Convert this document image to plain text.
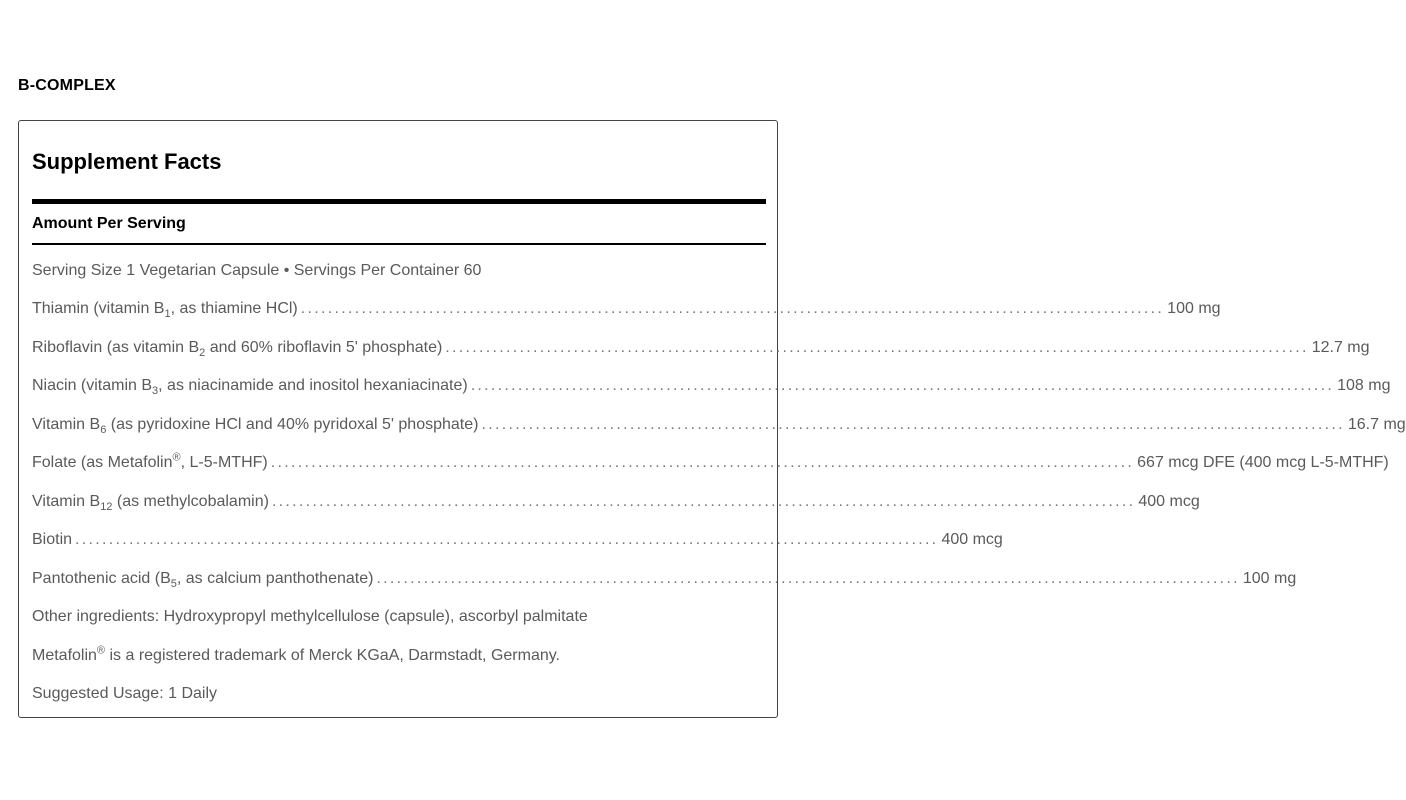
B-COMPLEX
Supplement Facts
Amount Per Serving
Serving Size 1 Vegetarian Capsule • Servings Per Container 60
Thiamin (vitamin $B_1$, as thiamine HCl) ................................................................................................................................ 100 mg
Riboflavin (as vitamin $B_2$ and 60% riboflavin 5' phosphate) ................................................................................................................................ 12.7 mg
Niacin (vitamin $B_3$, as niacinamide and inositol hexaniacinate) ................................................................................................................................ 108 mg
Vitamin $B_6$ (as pyridoxine HCl and 40% pyridoxal 5' phosphate) ................................................................................................................................ 16.7 mg
Folate (as Metafolin®, L-5-MTHF) ................................................................................................................................ 667 mcg DFE (400 mcg L-5-MTHF)
Vitamin $B_{12}$ (as methylcobalamin) ................................................................................................................................ 400 mcg
Biotin ................................................................................................................................ 400 mcg
Pantothenic acid ($B_5$, as calcium panthothenate) ................................................................................................................................ 100 mg
Other ingredients: Hydroxypropyl methylcellulose (capsule), ascorbyl palmitate
Metafolin® is a registered trademark of Merck KGaA, Darmstadt, Germany.
Suggested Usage: 1 Daily
